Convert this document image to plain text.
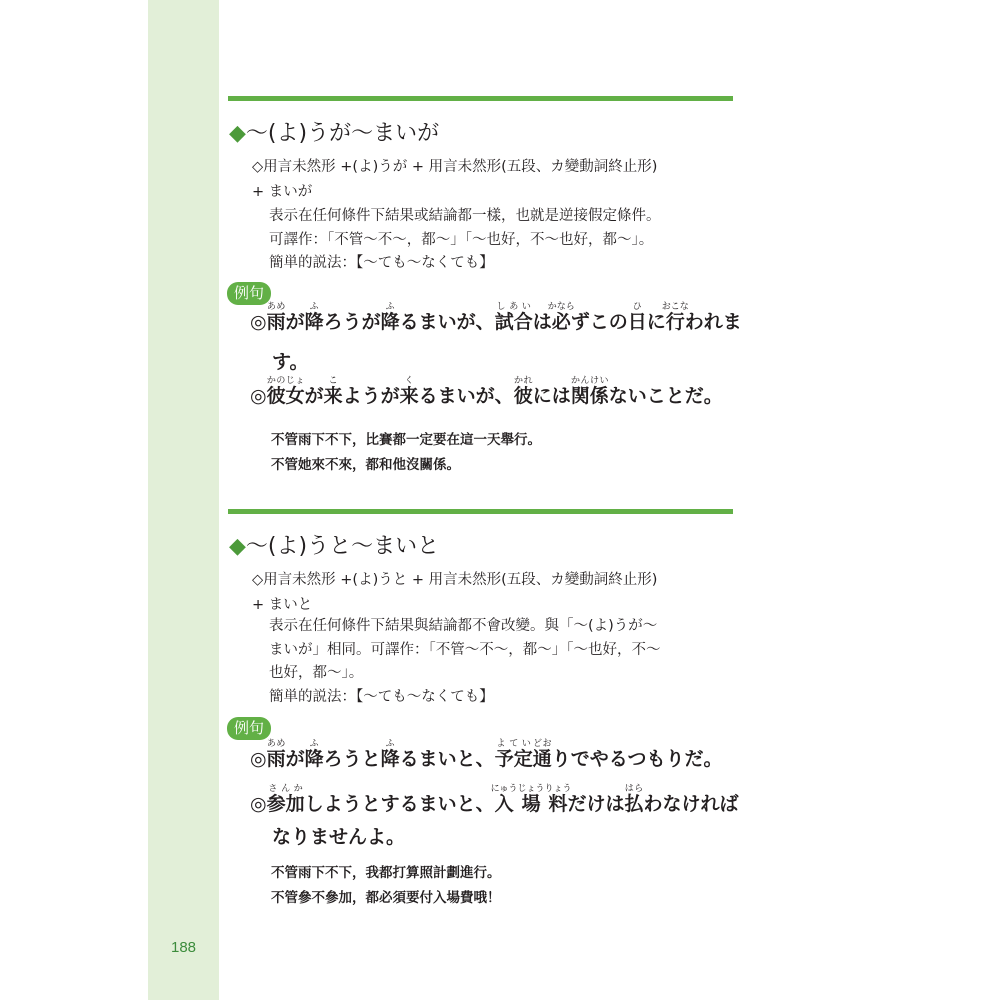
188
◆～(よ)うが～まいが
◇用言未然形 +(よ)うが + 用言未然形(五段、カ變動詞終止形)
+ まいが
表示在任何條件下結果或結論都一樣，也就是逆接假定條件。
可譯作：「不管～不～，都～」「～也好，不～也好，都～」。
簡単的説法：【～ても～なくても】
例句
◎雨あめが降ふろうが降ふるまいが、試合しあいは必かならずこの日ひに行おこなわれま
す。
◎彼女かのじょが来こようが来くるまいが、彼かれには関係かんけいないことだ。
不管雨下不下，比賽都一定要在這一天舉行。
不管她來不來，都和他沒關係。
◆～(よ)うと～まいと
◇用言未然形 +(よ)うと + 用言未然形(五段、カ變動詞終止形)
+ まいと
表示在任何條件下結果與結論都不會改變。與「～(よ)うが～
まいが」相同。可譯作：「不管～不～，都～」「～也好，不～
也好，都～」。
簡単的説法：【～ても～なくても】
例句
◎雨あめが降ふろうと降ふるまいと、予定よてい通どおりでやるつもりだ。
◎参加さんかしようとするまいと、入場料にゅうじょうりょうだけは払はらわなければ
なりませんよ。
不管雨下不下，我都打算照計劃進行。
不管參不參加，都必須要付入場費哦！
